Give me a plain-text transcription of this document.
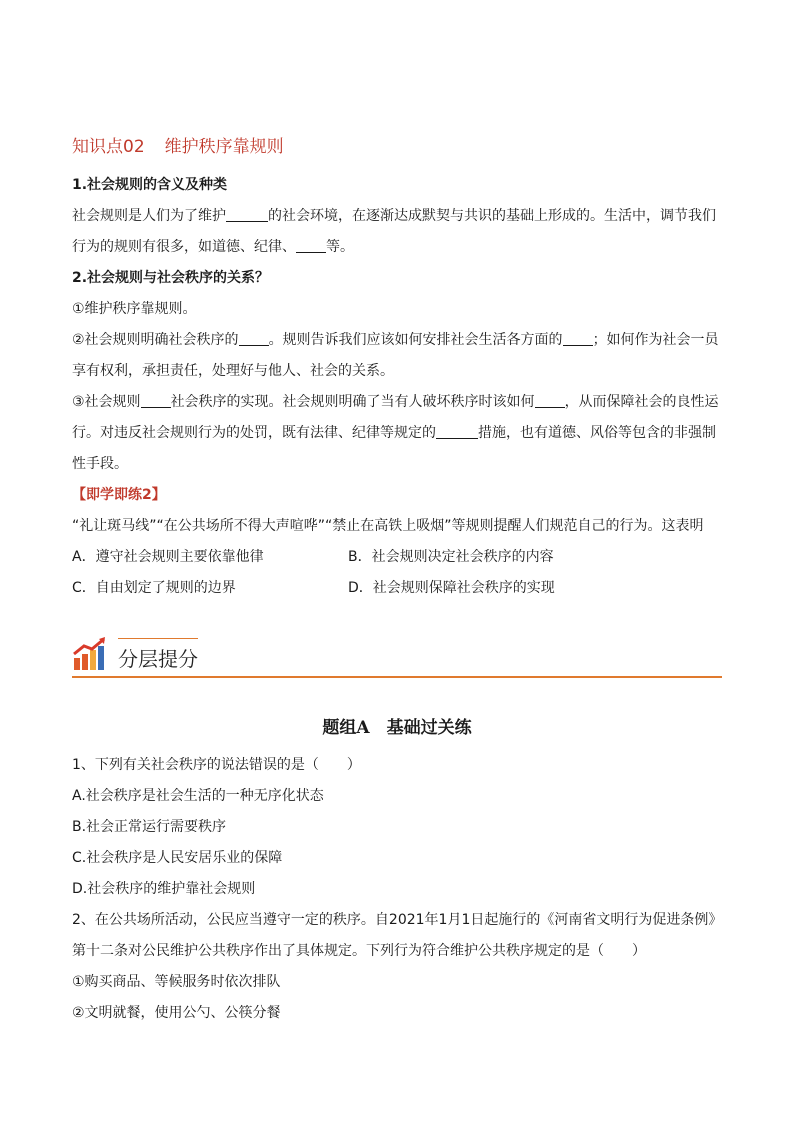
知识点02 维护秩序靠规则
1.社会规则的含义及种类
社会规则是人们为了维护	的社会环境，在逐渐达成默契与共识的基础上形成的。生活中，调节我们
行为的规则有很多，如道德、纪律、 等。
2.社会规则与社会秩序的关系？
①维护秩序靠规则。
②社会规则明确社会秩序的 。规则告诉我们应该如何安排社会生活各方面的 ；如何作为社会一员
享有权利，承担责任，处理好与他人、社会的关系。
③社会规则 社会秩序的实现。社会规则明确了当有人破坏秩序时该如何 ，从而保障社会的良性运
行。对违反社会规则行为的处罚，既有法律、纪律等规定的	措施，也有道德、风俗等包含的非强制
性手段。
【即学即练2】
“礼让斑马线”“在公共场所不得大声喧哗”“禁止在高铁上吸烟”等规则提醒人们规范自己的行为。这表明
A．遵守社会规则主要依靠他律	B．社会规则决定社会秩序的内容
C．自由划定了规则的边界	D．社会规则保障社会秩序的实现
分层提分
题组A　基础过关练
1、下列有关社会秩序的说法错误的是（　　）
A.社会秩序是社会生活的一种无序化状态
B.社会正常运行需要秩序
C.社会秩序是人民安居乐业的保障
D.社会秩序的维护靠社会规则
2、在公共场所活动，公民应当遵守一定的秩序。自2021年1月1日起施行的《河南省文明行为促进条例》
第十二条对公民维护公共秩序作出了具体规定。下列行为符合维护公共秩序规定的是（　　）
①购买商品、等候服务时依次排队
②文明就餐，使用公勺、公筷分餐
